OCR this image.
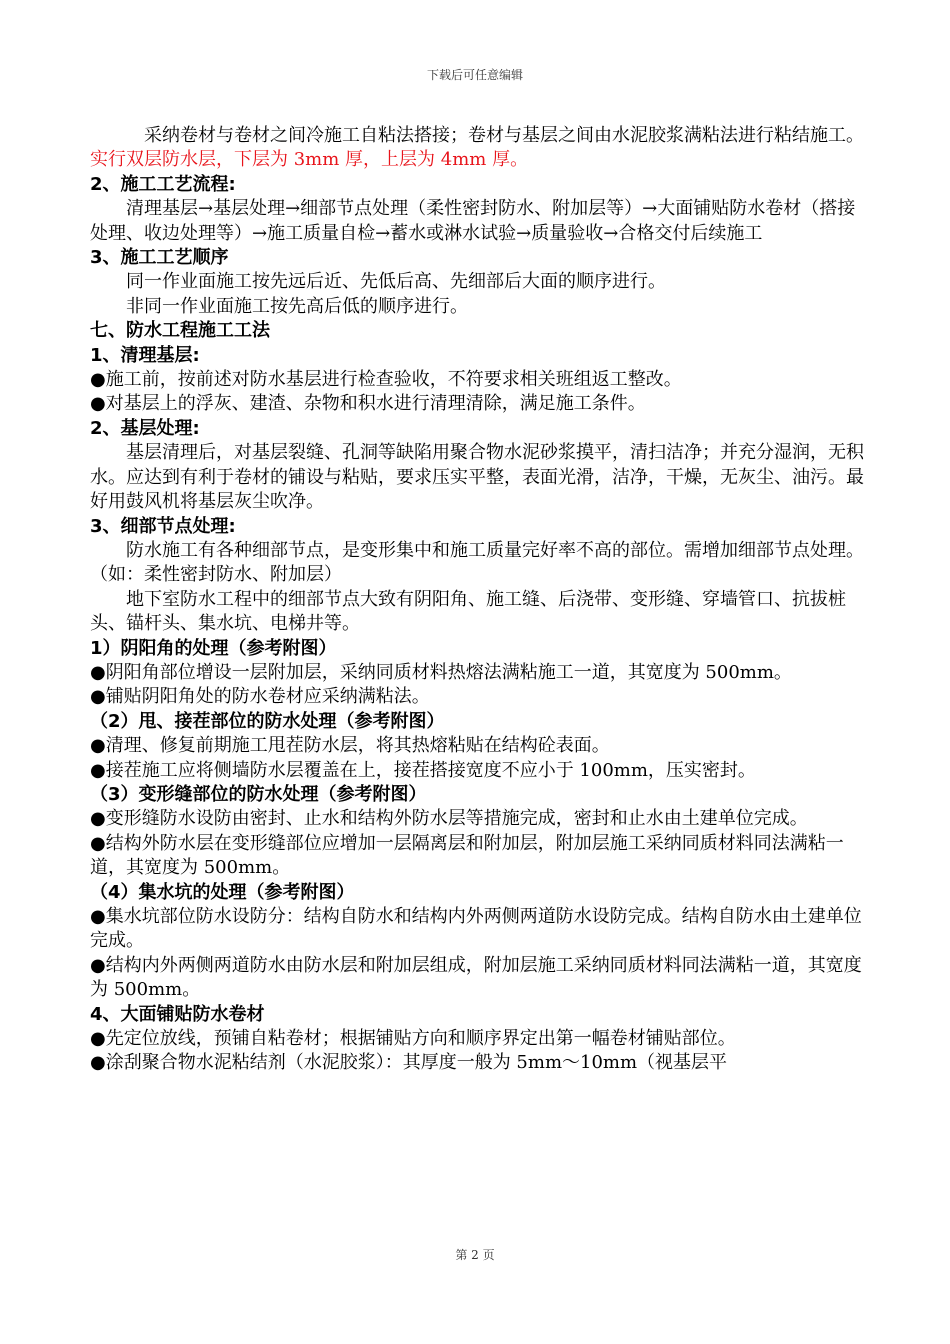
下载后可任意编辑

采纳卷材与卷材之间冷施工自粘法搭接；卷材与基层之间由水泥胶浆满粘法进行粘结施工。实行双层防水层，下层为 3mm 厚，上层为 4mm 厚。

2、施工工艺流程:

清理基层→基层处理→细部节点处理（柔性密封防水、附加层等）→大面铺贴防水卷材（搭接处理、收边处理等）→施工质量自检→蓄水或淋水试验→质量验收→合格交付后续施工

3、施工工艺顺序

同一作业面施工按先远后近、先低后高、先细部后大面的顺序进行。

非同一作业面施工按先高后低的顺序进行。

七、防水工程施工工法

1、清理基层:

●施工前，按前述对防水基层进行检查验收，不符要求相关班组返工整改。

●对基层上的浮灰、建渣、杂物和积水进行清理清除，满足施工条件。

2、基层处理:

基层清理后，对基层裂缝、孔洞等缺陷用聚合物水泥砂浆摸平，清扫洁净；并充分湿润，无积水。应达到有利于卷材的铺设与粘贴，要求压实平整，表面光滑，洁净，干燥，无灰尘、油污。最好用鼓风机将基层灰尘吹净。

3、细部节点处理:

防水施工有各种细部节点，是变形集中和施工质量完好率不高的部位。需增加细部节点处理。（如：柔性密封防水、附加层）

地下室防水工程中的细部节点大致有阴阳角、施工缝、后浇带、变形缝、穿墙管口、抗拔桩头、锚杆头、集水坑、电梯井等。

1）阴阳角的处理（参考附图）

●阴阳角部位增设一层附加层，采纳同质材料热熔法满粘施工一道，其宽度为 500mm。

●铺贴阴阳角处的防水卷材应采纳满粘法。

（2）甩、接茬部位的防水处理（参考附图）

●清理、修复前期施工甩茬防水层，将其热熔粘贴在结构砼表面。

●接茬施工应将侧墙防水层覆盖在上，接茬搭接宽度不应小于 100mm，压实密封。

（3）变形缝部位的防水处理（参考附图）

●变形缝防水设防由密封、止水和结构外防水层等措施完成，密封和止水由土建单位完成。

●结构外防水层在变形缝部位应增加一层隔离层和附加层，附加层施工采纳同质材料同法满粘一道，其宽度为 500mm。

（4）集水坑的处理（参考附图）

●集水坑部位防水设防分：结构自防水和结构内外两侧两道防水设防完成。结构自防水由土建单位完成。

●结构内外两侧两道防水由防水层和附加层组成，附加层施工采纳同质材料同法满粘一道，其宽度为 500mm。

4、大面铺贴防水卷材

●先定位放线，预铺自粘卷材；根据铺贴方向和顺序界定出第一幅卷材铺贴部位。

●涂刮聚合物水泥粘结剂（水泥胶浆）：其厚度一般为 5mm～10mm（视基层平

第 2 页
